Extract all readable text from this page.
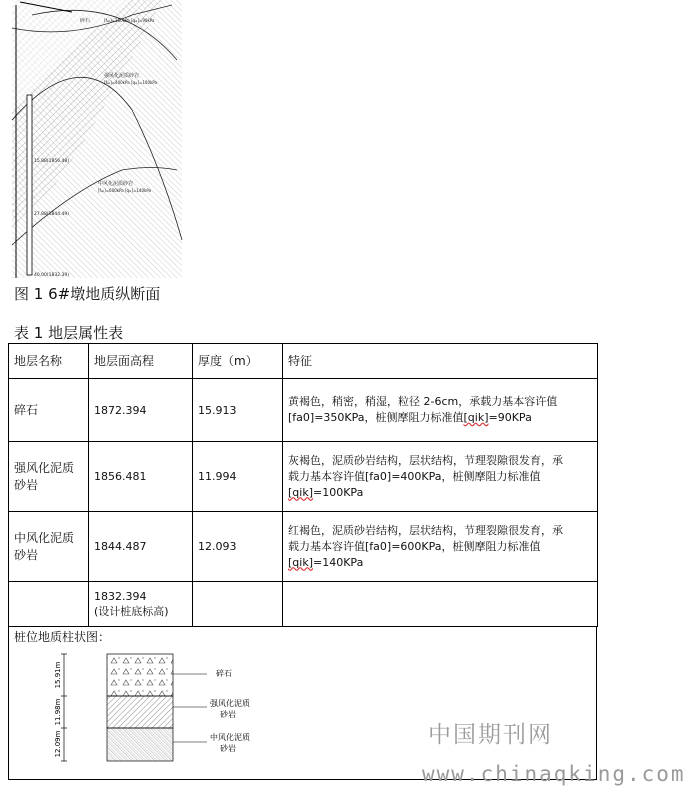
碎石	[fₐ₀]=350kPa [qᵢₖ]=90kPa
强风化泥质砂岩
[fₐ₀]=400kPa [qᵢₖ]=100kPa
中风化泥质砂岩
[fₐ₀]=600kPa [qᵢₖ]=140kPa
15.88(1856.48)
27.88(1844.49)
40.00(1832.39)
图 1 6#墩地质纵断面
表 1 地层属性表
地层名称	地层面高程	厚度（m）	特征
碎石	1872.394	15.913	黄褐色，稍密，稍湿，粒径 2-6cm，承载力基本容许值
[fa0]=350KPa，桩侧摩阻力标准值[qik]=90KPa
强风化泥质砂岩	1856.481	11.994	灰褐色，泥质砂岩结构，层状结构，节理裂隙很发育，承
载力基本容许值[fa0]=400KPa，桩侧摩阻力标准值
[qik]=100KPa
中风化泥质砂岩	1844.487	12.093	红褐色，泥质砂岩结构，层状结构，节理裂隙很发育，承
载力基本容许值[fa0]=600KPa，桩侧摩阻力标准值
[qik]=140KPa
	1832.394
(设计桩底标高)		
桩位地质柱状图：
15.91m
11.98m
12.09m
碎石
强风化泥质
砂岩
中风化泥质
砂岩
中国期刊网
www.chinaqking.com
